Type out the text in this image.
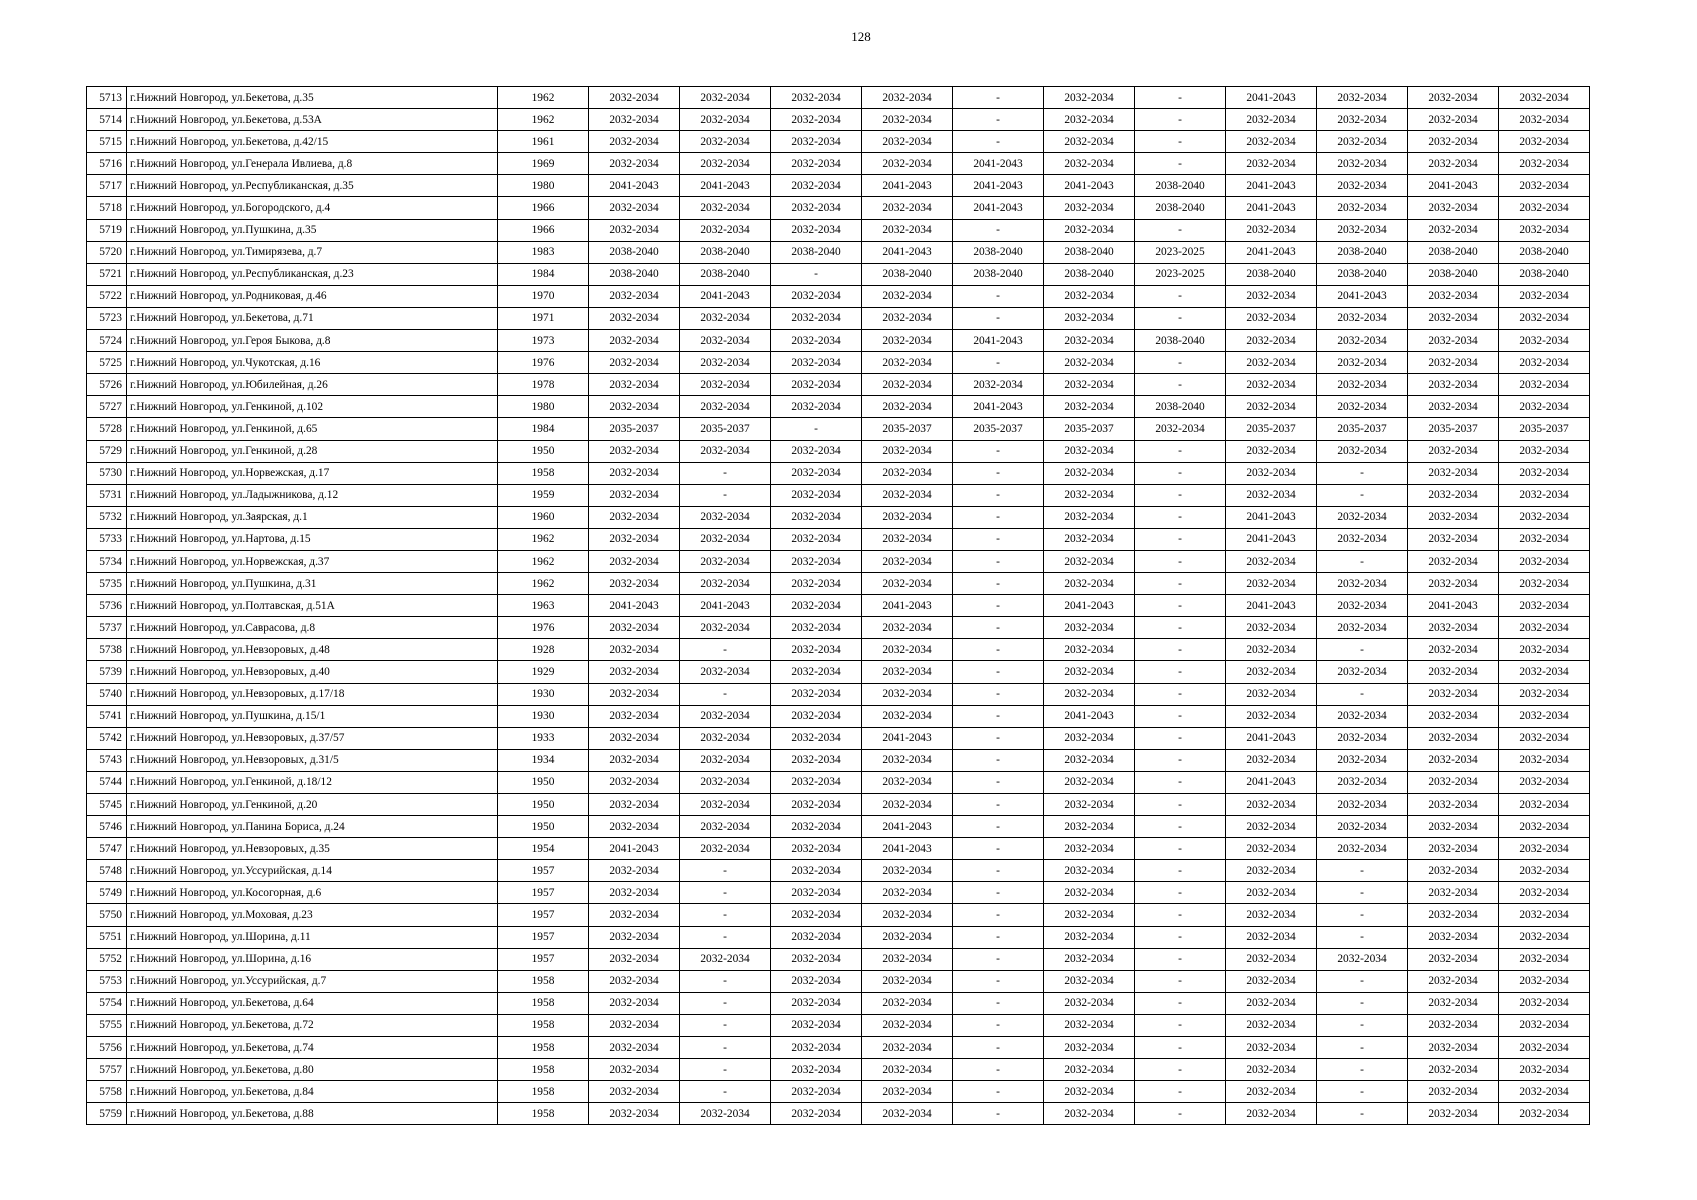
128
5713	г.Нижний Новгород, ул.Бекетова, д.35	1962	2032-2034	2032-2034	2032-2034	2032-2034	-	2032-2034	-	2041-2043	2032-2034	2032-2034	2032-2034
5714	г.Нижний Новгород, ул.Бекетова, д.53А	1962	2032-2034	2032-2034	2032-2034	2032-2034	-	2032-2034	-	2032-2034	2032-2034	2032-2034	2032-2034
5715	г.Нижний Новгород, ул.Бекетова, д.42/15	1961	2032-2034	2032-2034	2032-2034	2032-2034	-	2032-2034	-	2032-2034	2032-2034	2032-2034	2032-2034
5716	г.Нижний Новгород, ул.Генерала Ивлиева, д.8	1969	2032-2034	2032-2034	2032-2034	2032-2034	2041-2043	2032-2034	-	2032-2034	2032-2034	2032-2034	2032-2034
5717	г.Нижний Новгород, ул.Республиканская, д.35	1980	2041-2043	2041-2043	2032-2034	2041-2043	2041-2043	2041-2043	2038-2040	2041-2043	2032-2034	2041-2043	2032-2034
5718	г.Нижний Новгород, ул.Богородского, д.4	1966	2032-2034	2032-2034	2032-2034	2032-2034	2041-2043	2032-2034	2038-2040	2041-2043	2032-2034	2032-2034	2032-2034
5719	г.Нижний Новгород, ул.Пушкина, д.35	1966	2032-2034	2032-2034	2032-2034	2032-2034	-	2032-2034	-	2032-2034	2032-2034	2032-2034	2032-2034
5720	г.Нижний Новгород, ул.Тимирязева, д.7	1983	2038-2040	2038-2040	2038-2040	2041-2043	2038-2040	2038-2040	2023-2025	2041-2043	2038-2040	2038-2040	2038-2040
5721	г.Нижний Новгород, ул.Республиканская, д.23	1984	2038-2040	2038-2040	-	2038-2040	2038-2040	2038-2040	2023-2025	2038-2040	2038-2040	2038-2040	2038-2040
5722	г.Нижний Новгород, ул.Родниковая, д.46	1970	2032-2034	2041-2043	2032-2034	2032-2034	-	2032-2034	-	2032-2034	2041-2043	2032-2034	2032-2034
5723	г.Нижний Новгород, ул.Бекетова, д.71	1971	2032-2034	2032-2034	2032-2034	2032-2034	-	2032-2034	-	2032-2034	2032-2034	2032-2034	2032-2034
5724	г.Нижний Новгород, ул.Героя Быкова, д.8	1973	2032-2034	2032-2034	2032-2034	2032-2034	2041-2043	2032-2034	2038-2040	2032-2034	2032-2034	2032-2034	2032-2034
5725	г.Нижний Новгород, ул.Чукотская, д.16	1976	2032-2034	2032-2034	2032-2034	2032-2034	-	2032-2034	-	2032-2034	2032-2034	2032-2034	2032-2034
5726	г.Нижний Новгород, ул.Юбилейная, д.26	1978	2032-2034	2032-2034	2032-2034	2032-2034	2032-2034	2032-2034	-	2032-2034	2032-2034	2032-2034	2032-2034
5727	г.Нижний Новгород, ул.Генкиной, д.102	1980	2032-2034	2032-2034	2032-2034	2032-2034	2041-2043	2032-2034	2038-2040	2032-2034	2032-2034	2032-2034	2032-2034
5728	г.Нижний Новгород, ул.Генкиной, д.65	1984	2035-2037	2035-2037	-	2035-2037	2035-2037	2035-2037	2032-2034	2035-2037	2035-2037	2035-2037	2035-2037
5729	г.Нижний Новгород, ул.Генкиной, д.28	1950	2032-2034	2032-2034	2032-2034	2032-2034	-	2032-2034	-	2032-2034	2032-2034	2032-2034	2032-2034
5730	г.Нижний Новгород, ул.Норвежская, д.17	1958	2032-2034	-	2032-2034	2032-2034	-	2032-2034	-	2032-2034	-	2032-2034	2032-2034
5731	г.Нижний Новгород, ул.Ладыжникова, д.12	1959	2032-2034	-	2032-2034	2032-2034	-	2032-2034	-	2032-2034	-	2032-2034	2032-2034
5732	г.Нижний Новгород, ул.Заярская, д.1	1960	2032-2034	2032-2034	2032-2034	2032-2034	-	2032-2034	-	2041-2043	2032-2034	2032-2034	2032-2034
5733	г.Нижний Новгород, ул.Нартова, д.15	1962	2032-2034	2032-2034	2032-2034	2032-2034	-	2032-2034	-	2041-2043	2032-2034	2032-2034	2032-2034
5734	г.Нижний Новгород, ул.Норвежская, д.37	1962	2032-2034	2032-2034	2032-2034	2032-2034	-	2032-2034	-	2032-2034	-	2032-2034	2032-2034
5735	г.Нижний Новгород, ул.Пушкина, д.31	1962	2032-2034	2032-2034	2032-2034	2032-2034	-	2032-2034	-	2032-2034	2032-2034	2032-2034	2032-2034
5736	г.Нижний Новгород, ул.Полтавская, д.51А	1963	2041-2043	2041-2043	2032-2034	2041-2043	-	2041-2043	-	2041-2043	2032-2034	2041-2043	2032-2034
5737	г.Нижний Новгород, ул.Саврасова, д.8	1976	2032-2034	2032-2034	2032-2034	2032-2034	-	2032-2034	-	2032-2034	2032-2034	2032-2034	2032-2034
5738	г.Нижний Новгород, ул.Невзоровых, д.48	1928	2032-2034	-	2032-2034	2032-2034	-	2032-2034	-	2032-2034	-	2032-2034	2032-2034
5739	г.Нижний Новгород, ул.Невзоровых, д.40	1929	2032-2034	2032-2034	2032-2034	2032-2034	-	2032-2034	-	2032-2034	2032-2034	2032-2034	2032-2034
5740	г.Нижний Новгород, ул.Невзоровых, д.17/18	1930	2032-2034	-	2032-2034	2032-2034	-	2032-2034	-	2032-2034	-	2032-2034	2032-2034
5741	г.Нижний Новгород, ул.Пушкина, д.15/1	1930	2032-2034	2032-2034	2032-2034	2032-2034	-	2041-2043	-	2032-2034	2032-2034	2032-2034	2032-2034
5742	г.Нижний Новгород, ул.Невзоровых, д.37/57	1933	2032-2034	2032-2034	2032-2034	2041-2043	-	2032-2034	-	2041-2043	2032-2034	2032-2034	2032-2034
5743	г.Нижний Новгород, ул.Невзоровых, д.31/5	1934	2032-2034	2032-2034	2032-2034	2032-2034	-	2032-2034	-	2032-2034	2032-2034	2032-2034	2032-2034
5744	г.Нижний Новгород, ул.Генкиной, д.18/12	1950	2032-2034	2032-2034	2032-2034	2032-2034	-	2032-2034	-	2041-2043	2032-2034	2032-2034	2032-2034
5745	г.Нижний Новгород, ул.Генкиной, д.20	1950	2032-2034	2032-2034	2032-2034	2032-2034	-	2032-2034	-	2032-2034	2032-2034	2032-2034	2032-2034
5746	г.Нижний Новгород, ул.Панина Бориса, д.24	1950	2032-2034	2032-2034	2032-2034	2041-2043	-	2032-2034	-	2032-2034	2032-2034	2032-2034	2032-2034
5747	г.Нижний Новгород, ул.Невзоровых, д.35	1954	2041-2043	2032-2034	2032-2034	2041-2043	-	2032-2034	-	2032-2034	2032-2034	2032-2034	2032-2034
5748	г.Нижний Новгород, ул.Уссурийская, д.14	1957	2032-2034	-	2032-2034	2032-2034	-	2032-2034	-	2032-2034	-	2032-2034	2032-2034
5749	г.Нижний Новгород, ул.Косогорная, д.6	1957	2032-2034	-	2032-2034	2032-2034	-	2032-2034	-	2032-2034	-	2032-2034	2032-2034
5750	г.Нижний Новгород, ул.Моховая, д.23	1957	2032-2034	-	2032-2034	2032-2034	-	2032-2034	-	2032-2034	-	2032-2034	2032-2034
5751	г.Нижний Новгород, ул.Шорина, д.11	1957	2032-2034	-	2032-2034	2032-2034	-	2032-2034	-	2032-2034	-	2032-2034	2032-2034
5752	г.Нижний Новгород, ул.Шорина, д.16	1957	2032-2034	2032-2034	2032-2034	2032-2034	-	2032-2034	-	2032-2034	2032-2034	2032-2034	2032-2034
5753	г.Нижний Новгород, ул.Уссурийская, д.7	1958	2032-2034	-	2032-2034	2032-2034	-	2032-2034	-	2032-2034	-	2032-2034	2032-2034
5754	г.Нижний Новгород, ул.Бекетова, д.64	1958	2032-2034	-	2032-2034	2032-2034	-	2032-2034	-	2032-2034	-	2032-2034	2032-2034
5755	г.Нижний Новгород, ул.Бекетова, д.72	1958	2032-2034	-	2032-2034	2032-2034	-	2032-2034	-	2032-2034	-	2032-2034	2032-2034
5756	г.Нижний Новгород, ул.Бекетова, д.74	1958	2032-2034	-	2032-2034	2032-2034	-	2032-2034	-	2032-2034	-	2032-2034	2032-2034
5757	г.Нижний Новгород, ул.Бекетова, д.80	1958	2032-2034	-	2032-2034	2032-2034	-	2032-2034	-	2032-2034	-	2032-2034	2032-2034
5758	г.Нижний Новгород, ул.Бекетова, д.84	1958	2032-2034	-	2032-2034	2032-2034	-	2032-2034	-	2032-2034	-	2032-2034	2032-2034
5759	г.Нижний Новгород, ул.Бекетова, д.88	1958	2032-2034	2032-2034	2032-2034	2032-2034	-	2032-2034	-	2032-2034	-	2032-2034	2032-2034
